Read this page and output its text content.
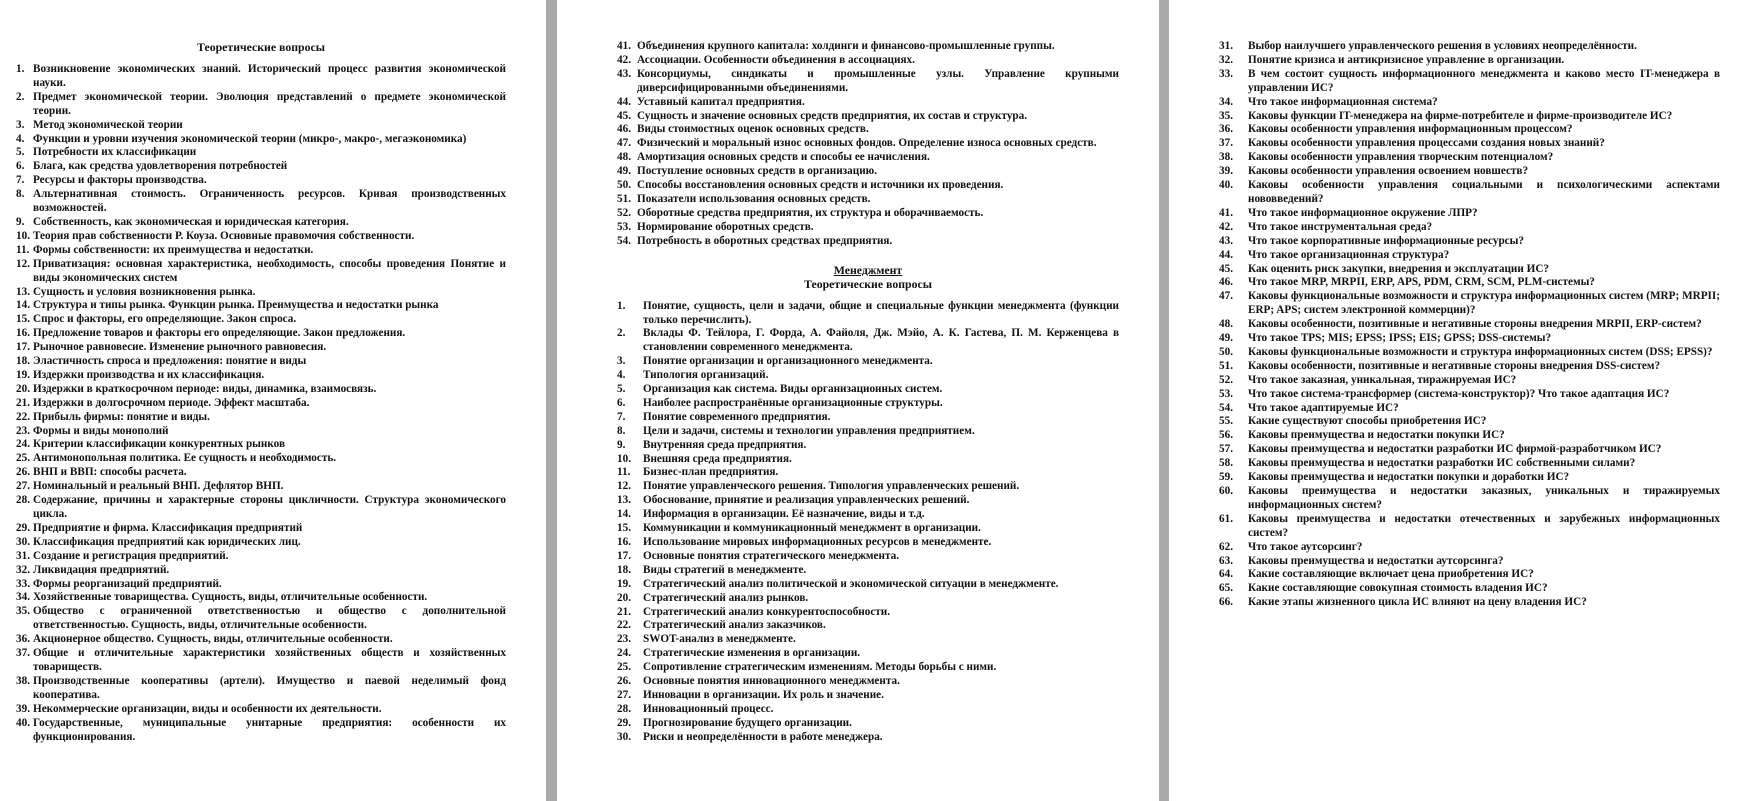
Теоретические вопросы
1. Возникновение экономических знаний. Исторический процесс развития экономической науки.
2. Предмет экономической теории. Эволюция представлений о предмете экономической теории.
3. Метод экономической теории
4. Функции и уровни изучения экономической теории (микро-, макро-, мегаэкономика)
5. Потребности их классификации
6. Блага, как средства удовлетворения потребностей
7. Ресурсы и факторы производства.
8. Альтернативная стоимость. Ограниченность ресурсов. Кривая производственных возможностей.
9. Собственность, как экономическая и юридическая категория.
10. Теория прав собственности Р. Коуза. Основные правомочия собственности.
11. Формы собственности: их преимущества и недостатки.
12. Приватизация: основная характеристика, необходимость, способы проведения Понятие и виды экономических систем
13. Сущность и условия возникновения рынка.
14. Структура и типы рынка. Функции рынка. Преимущества и недостатки рынка
15. Спрос и факторы, его определяющие. Закон спроса.
16. Предложение товаров и факторы его определяющие. Закон предложения.
17. Рыночное равновесие. Изменение рыночного равновесия.
18. Эластичность спроса и предложения: понятие и виды
19. Издержки производства и их классификация.
20. Издержки в краткосрочном периоде: виды, динамика, взаимосвязь.
21. Издержки в долгосрочном периоде. Эффект масштаба.
22. Прибыль фирмы: понятие и виды.
23. Формы и виды монополий
24. Критерии классификации конкурентных рынков
25. Антимонопольная политика. Ее сущность и необходимость.
26. ВНП и ВВП: способы расчета.
27. Номинальный и реальный ВНП. Дефлятор ВНП.
28. Содержание, причины и характерные стороны цикличности. Структура экономического цикла.
29. Предприятие и фирма. Классификация предприятий
30. Классификация предприятий как юридических лиц.
31. Создание и регистрация предприятий.
32. Ликвидация предприятий.
33. Формы реорганизаций предприятий.
34. Хозяйственные товарищества. Сущность, виды, отличительные особенности.
35. Общество с ограниченной ответственностью и общество с дополнительной ответственностью. Сущность, виды, отличительные особенности.
36. Акционерное общество. Сущность, виды, отличительные особенности.
37. Общие и отличительные характеристики хозяйственных обществ и хозяйственных товариществ.
38. Производственные кооперативы (артели). Имущество и паевой неделимый фонд кооператива.
39. Некоммерческие организации, виды и особенности их деятельности.
40. Государственные, муниципальные унитарные предприятия: особенности их функционирования.
41. Объединения крупного капитала: холдинги и финансово-промышленные группы.
42. Ассоциации. Особенности объединения в ассоциациях.
43. Консорциумы, синдикаты и промышленные узлы. Управление крупными диверсифицированными объединениями.
44. Уставный капитал предприятия.
45. Сущность и значение основных средств предприятия, их состав и структура.
46. Виды стоимостных оценок основных средств.
47. Физический и моральный износ основных фондов. Определение износа основных средств.
48. Амортизация основных средств и способы ее начисления.
49. Поступление основных средств в организацию.
50. Способы восстановления основных средств и источники их проведения.
51. Показатели использования основных средств.
52. Оборотные средства предприятия, их структура и оборачиваемость.
53. Нормирование оборотных средств.
54. Потребность в оборотных средствах предприятия.
Менеджмент
Теоретические вопросы
1.	Понятие, сущность, цели и задачи, общие и специальные функции менеджмента (функции только перечислить).
2.	Вклады Ф. Тейлора, Г. Форда, А. Файоля, Дж. Мэйо, А. К. Гастева, П. М. Керженцева в становлении современного менеджмента.
3.	Понятие организации и организационного менеджмента.
4.	Типология организаций.
5.	Организация как система. Виды организационных систем.
6.	Наиболее распространённые организационные структуры.
7.	Понятие современного предприятия.
8.	Цели и задачи, системы и технологии управления предприятием.
9.	Внутренняя среда предприятия.
10.	Внешняя среда предприятия.
11.	Бизнес-план предприятия.
12.	Понятие управленческого решения. Типология управленческих решений.
13.	Обоснование, принятие и реализация управленческих решений.
14.	Информация в организации. Её назначение, виды и т.д.
15.	Коммуникации и коммуникационный менеджмент в организации.
16.	Использование мировых информационных ресурсов в менеджменте.
17.	Основные понятия стратегического менеджмента.
18.	Виды стратегий в менеджменте.
19.	Стратегический анализ политической и экономической ситуации в менеджменте.
20.	Стратегический анализ рынков.
21.	Стратегический анализ конкурентоспособности.
22.	Стратегический анализ заказчиков.
23.	SWOT-анализ в менеджменте.
24.	Стратегические изменения в организации.
25.	Сопротивление стратегическим изменениям. Методы борьбы с ними.
26.	Основные понятия инновационного менеджмента.
27.	Инновации в организации. Их роль и значение.
28.	Инновационный процесс.
29.	Прогнозирование будущего организации.
30.	Риски и неопределённости в работе менеджера.
31.	Выбор наилучшего управленческого решения в условиях неопределённости.
32.	Понятие кризиса и антикризисное управление в организации.
33.	В чем состоит сущность информационного менеджмента и каково место IT-менеджера в управлении ИС?
34.	Что такое информационная система?
35.	Каковы функции IT-менеджера на фирме-потребителе и фирме-производителе ИС?
36.	Каковы особенности управления информационным процессом?
37.	Каковы особенности управления процессами создания новых знаний?
38.	Каковы особенности управления творческим потенциалом?
39.	Каковы особенности управления освоением новшеств?
40.	Каковы особенности управления социальными и психологическими аспектами нововведений?
41.	Что такое информационное окружение ЛПР?
42.	Что такое инструментальная среда?
43.	Что такое корпоративные информационные ресурсы?
44.	Что такое организационная структура?
45.	Как оценить риск закупки, внедрения и эксплуатации ИС?
46.	Что такое MRP, MRPII, ERP, APS, PDM, CRM, SCM, PLM-системы?
47.	Каковы функциональные возможности и структура информационных систем (MRP; MRPII; ERP; APS; систем электронной коммерции)?
48.	Каковы особенности, позитивные и негативные стороны внедрения MRPII, ERP-систем?
49.	Что такое TPS; MIS; EPSS; IPSS; EIS; GPSS; DSS-системы?
50.	Каковы функциональные возможности и структура информационных систем (DSS; EPSS)?
51.	Каковы особенности, позитивные и негативные стороны внедрения DSS-систем?
52.	Что такое заказная, уникальная, тиражируемая ИС?
53.	Что такое система-трансформер (система-конструктор)? Что такое адаптация ИС?
54.	Что такое адаптируемые ИС?
55.	Какие существуют способы приобретения ИС?
56.	Каковы преимущества и недостатки покупки ИС?
57.	Каковы преимущества и недостатки разработки ИС фирмой-разработчиком ИС?
58.	Каковы преимущества и недостатки разработки ИС собственными силами?
59.	Каковы преимущества и недостатки покупки и доработки ИС?
60.	Каковы преимущества и недостатки заказных, уникальных и тиражируемых информационных систем?
61.	Каковы преимущества и недостатки отечественных и зарубежных информационных систем?
62.	Что такое аутсорсинг?
63.	Каковы преимущества и недостатки аутсорсинга?
64.	Какие составляющие включает цена приобретения ИС?
65.	Какие составляющие совокупная стоимость владения ИС?
66.	Какие этапы жизненного цикла ИС влияют на цену владения ИС?
